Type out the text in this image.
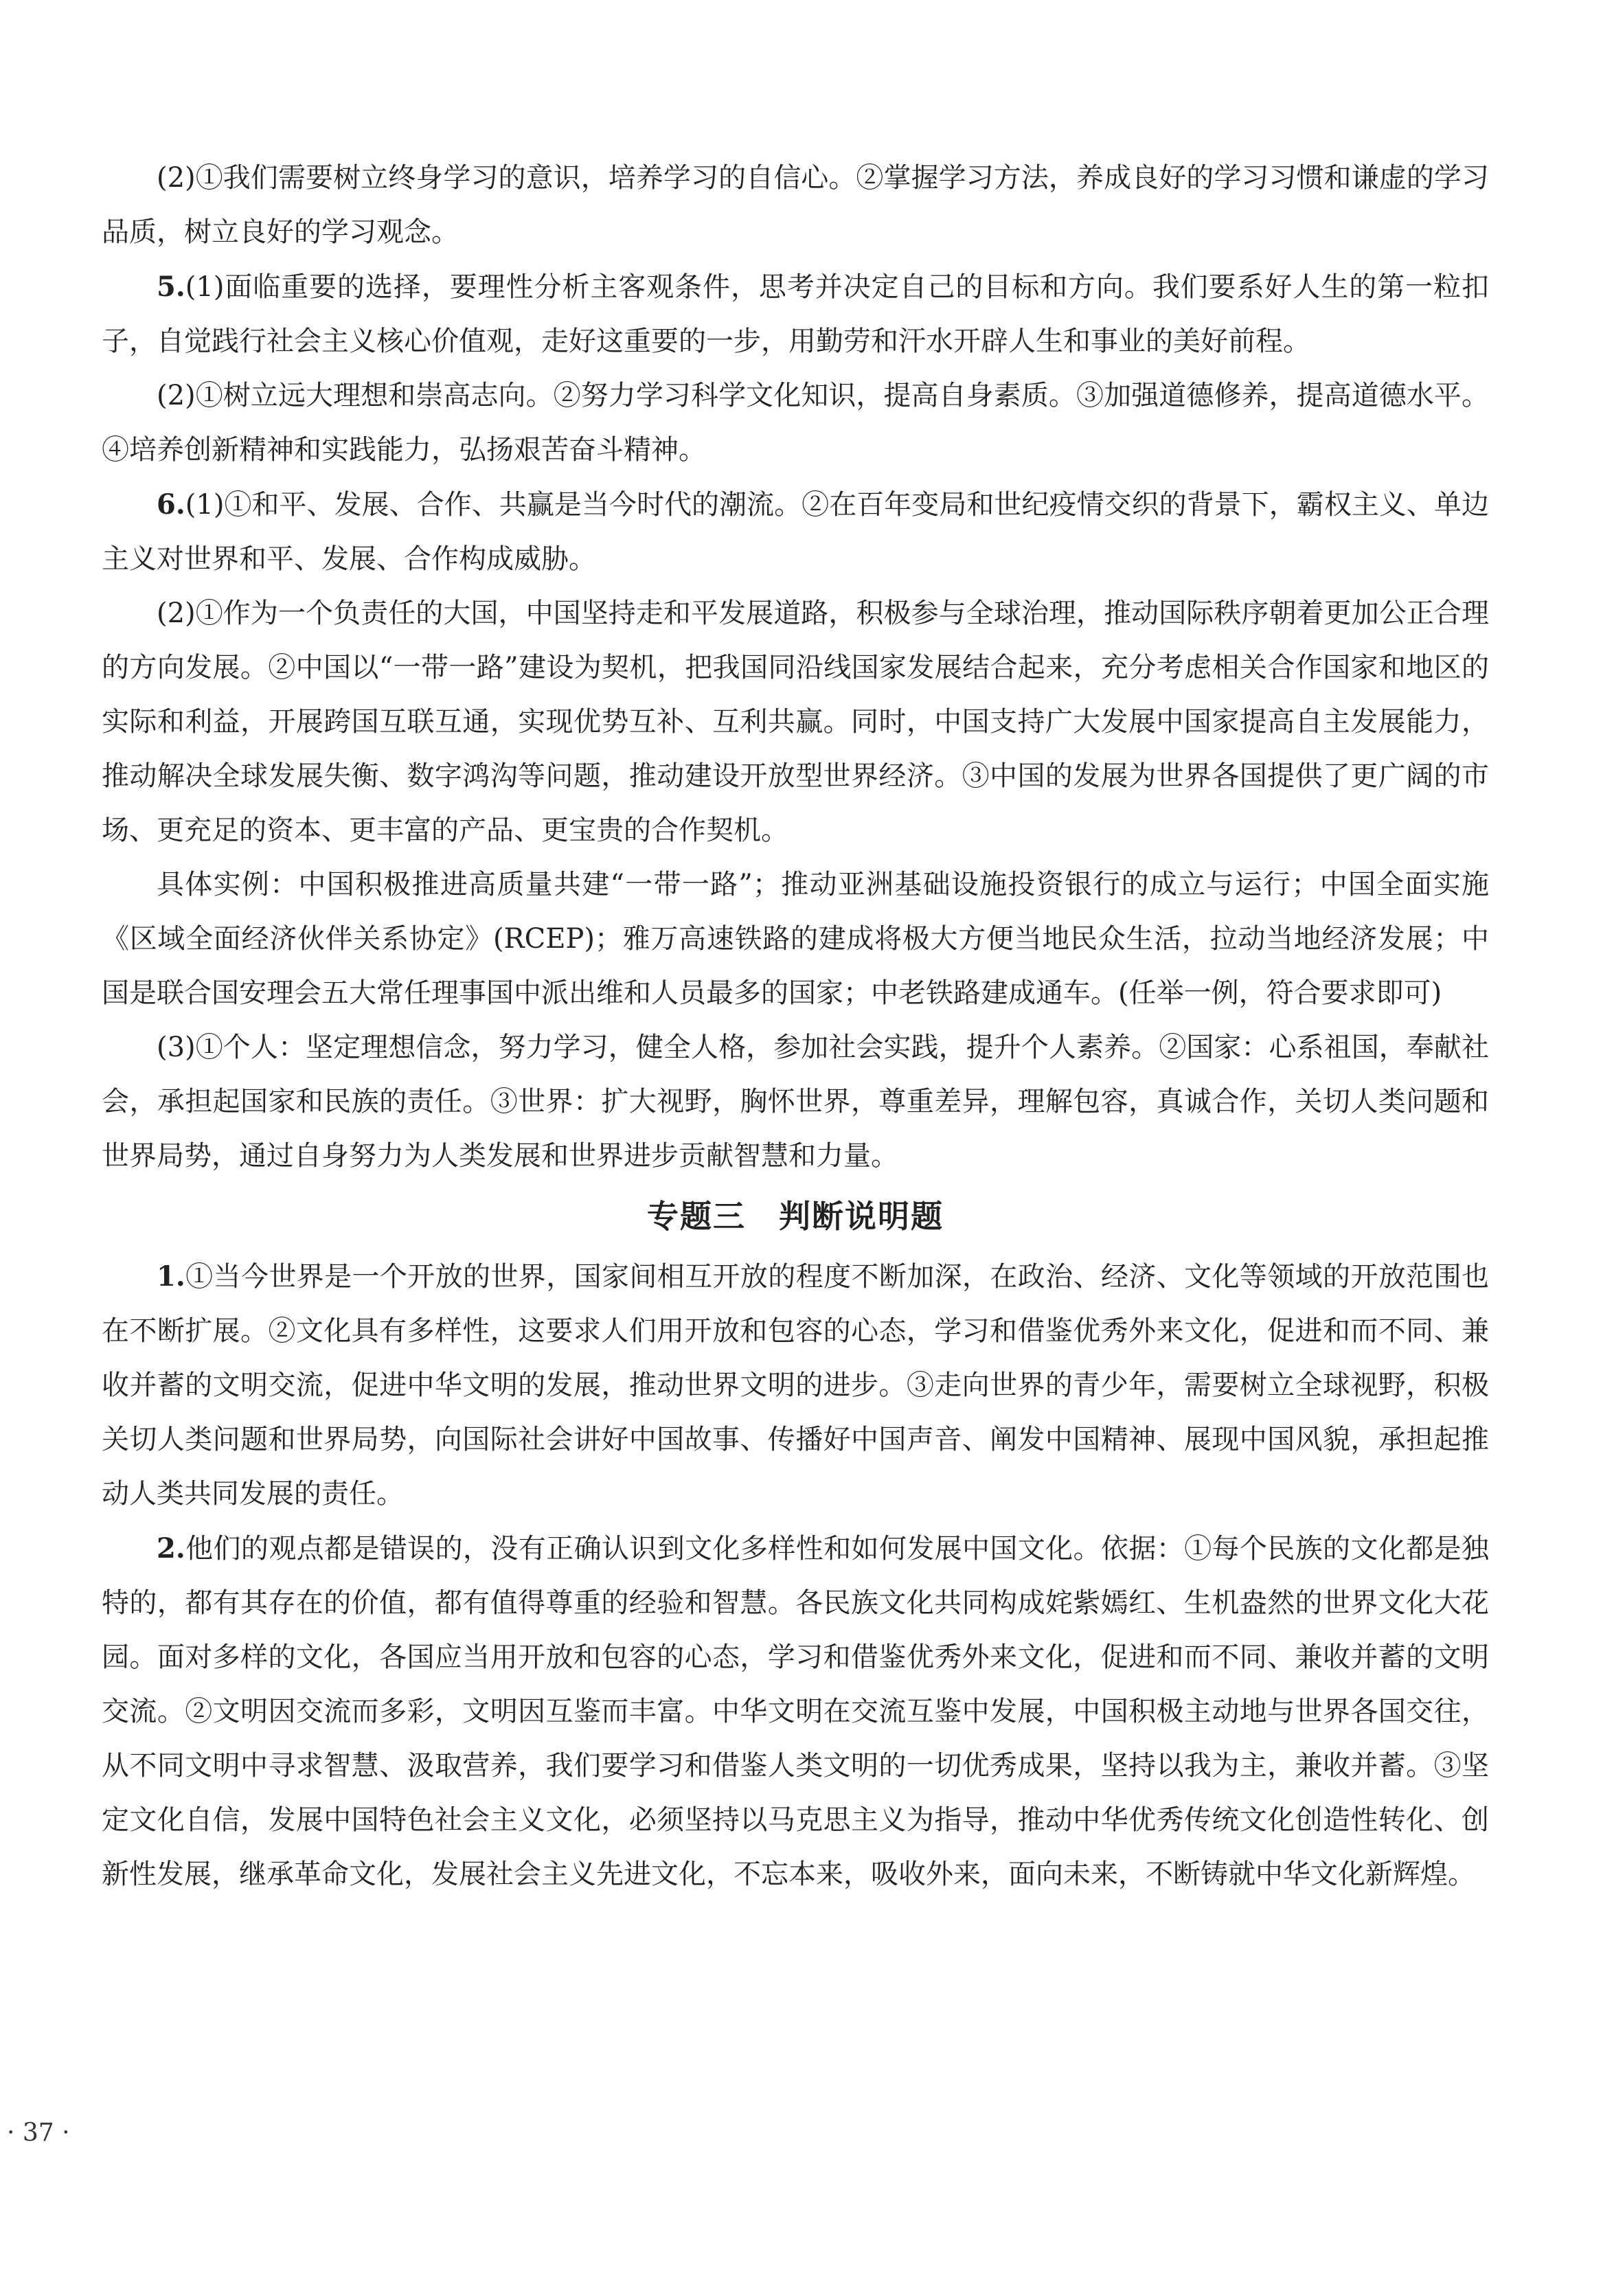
(2)①我们需要树立终身学习的意识，培养学习的自信心。②掌握学习方法，养成良好的学习习惯和谦虚的学习品质，树立良好的学习观念。

5.(1)面临重要的选择，要理性分析主客观条件，思考并决定自己的目标和方向。我们要系好人生的第一粒扣子，自觉践行社会主义核心价值观，走好这重要的一步，用勤劳和汗水开辟人生和事业的美好前程。

(2)①树立远大理想和崇高志向。②努力学习科学文化知识，提高自身素质。③加强道德修养，提高道德水平。④培养创新精神和实践能力，弘扬艰苦奋斗精神。

6.(1)①和平、发展、合作、共赢是当今时代的潮流。②在百年变局和世纪疫情交织的背景下，霸权主义、单边主义对世界和平、发展、合作构成威胁。

(2)①作为一个负责任的大国，中国坚持走和平发展道路，积极参与全球治理，推动国际秩序朝着更加公正合理的方向发展。②中国以“一带一路”建设为契机，把我国同沿线国家发展结合起来，充分考虑相关合作国家和地区的实际和利益，开展跨国互联互通，实现优势互补、互利共赢。同时，中国支持广大发展中国家提高自主发展能力，推动解决全球发展失衡、数字鸿沟等问题，推动建设开放型世界经济。③中国的发展为世界各国提供了更广阔的市场、更充足的资本、更丰富的产品、更宝贵的合作契机。

具体实例：中国积极推进高质量共建“一带一路”；推动亚洲基础设施投资银行的成立与运行；中国全面实施《区域全面经济伙伴关系协定》(RCEP)；雅万高速铁路的建成将极大方便当地民众生活，拉动当地经济发展；中国是联合国安理会五大常任理事国中派出维和人员最多的国家；中老铁路建成通车。(任举一例，符合要求即可)

(3)①个人：坚定理想信念，努力学习，健全人格，参加社会实践，提升个人素养。②国家：心系祖国，奉献社会，承担起国家和民族的责任。③世界：扩大视野，胸怀世界，尊重差异，理解包容，真诚合作，关切人类问题和世界局势，通过自身努力为人类发展和世界进步贡献智慧和力量。

专题三　判断说明题

1.①当今世界是一个开放的世界，国家间相互开放的程度不断加深，在政治、经济、文化等领域的开放范围也在不断扩展。②文化具有多样性，这要求人们用开放和包容的心态，学习和借鉴优秀外来文化，促进和而不同、兼收并蓄的文明交流，促进中华文明的发展，推动世界文明的进步。③走向世界的青少年，需要树立全球视野，积极关切人类问题和世界局势，向国际社会讲好中国故事、传播好中国声音、阐发中国精神、展现中国风貌，承担起推动人类共同发展的责任。

2.他们的观点都是错误的，没有正确认识到文化多样性和如何发展中国文化。依据：①每个民族的文化都是独特的，都有其存在的价值，都有值得尊重的经验和智慧。各民族文化共同构成姹紫嫣红、生机盎然的世界文化大花园。面对多样的文化，各国应当用开放和包容的心态，学习和借鉴优秀外来文化，促进和而不同、兼收并蓄的文明交流。②文明因交流而多彩，文明因互鉴而丰富。中华文明在交流互鉴中发展，中国积极主动地与世界各国交往，从不同文明中寻求智慧、汲取营养，我们要学习和借鉴人类文明的一切优秀成果，坚持以我为主，兼收并蓄。③坚定文化自信，发展中国特色社会主义文化，必须坚持以马克思主义为指导，推动中华优秀传统文化创造性转化、创新性发展，继承革命文化，发展社会主义先进文化，不忘本来，吸收外来，面向未来，不断铸就中华文化新辉煌。

· 37 ·
